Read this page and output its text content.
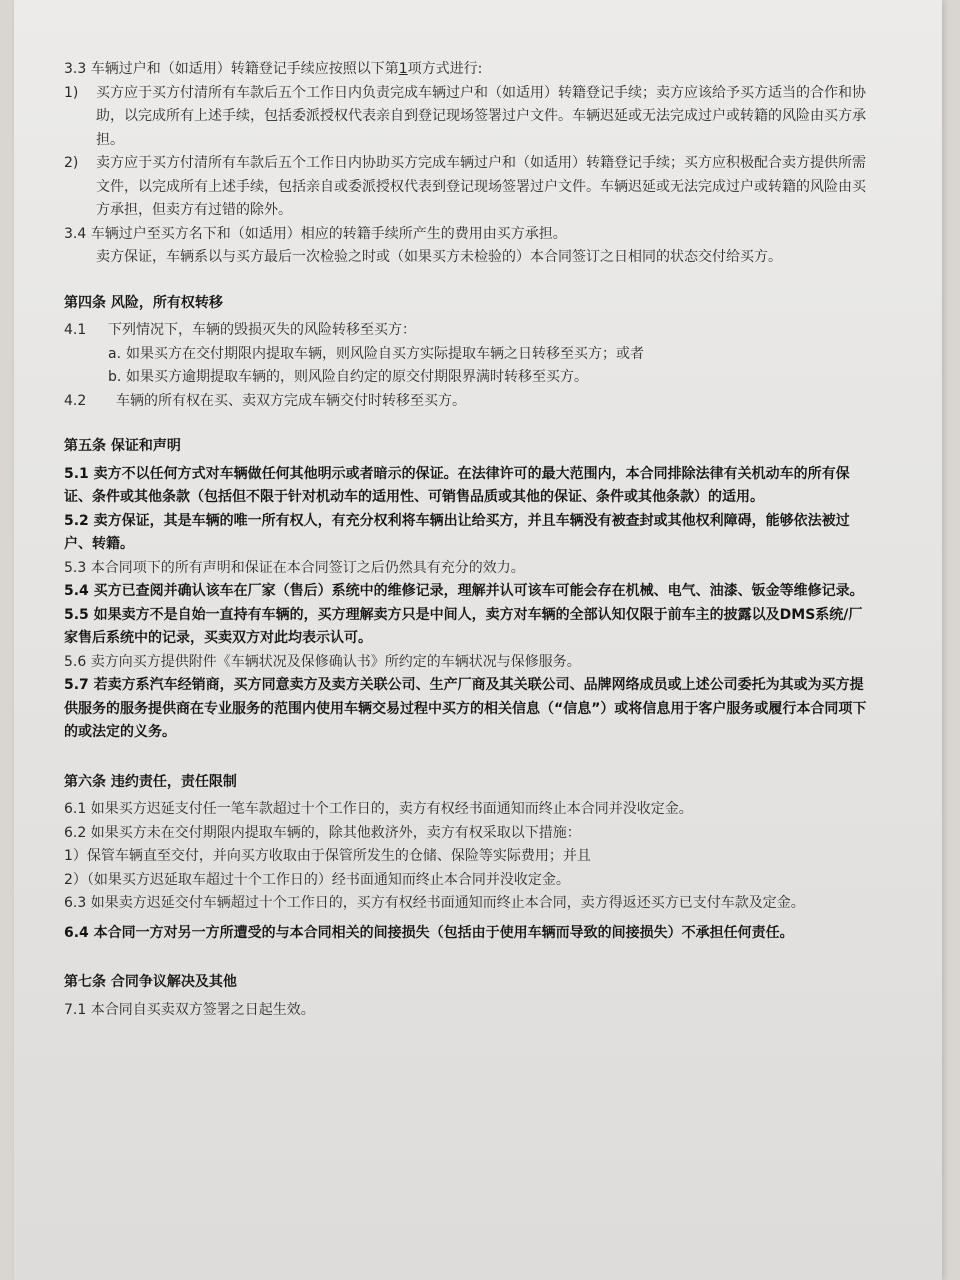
3.3 车辆过户和（如适用）转籍登记手续应按照以下第1项方式进行:

1) 买方应于买方付清所有车款后五个工作日内负责完成车辆过户和（如适用）转籍登记手续；卖方应该给予买方适当的合作和协助，以完成所有上述手续，包括委派授权代表亲自到登记现场签署过户文件。车辆迟延或无法完成过户或转籍的风险由买方承担。

2) 卖方应于买方付清所有车款后五个工作日内协助买方完成车辆过户和（如适用）转籍登记手续；买方应积极配合卖方提供所需文件，以完成所有上述手续，包括亲自或委派授权代表到登记现场签署过户文件。车辆迟延或无法完成过户或转籍的风险由买方承担，但卖方有过错的除外。

3.4 车辆过户至买方名下和（如适用）相应的转籍手续所产生的费用由买方承担。

卖方保证，车辆系以与买方最后一次检验之时或（如果买方未检验的）本合同签订之日相同的状态交付给买方。

第四条 风险，所有权转移

4.1 下列情况下，车辆的毁损灭失的风险转移至买方：

a. 如果买方在交付期限内提取车辆，则风险自买方实际提取车辆之日转移至买方；或者

b. 如果买方逾期提取车辆的，则风险自约定的原交付期限界满时转移至买方。

4.2 车辆的所有权在买、卖双方完成车辆交付时转移至买方。

第五条 保证和声明

5.1 卖方不以任何方式对车辆做任何其他明示或者暗示的保证。在法律许可的最大范围内，本合同排除法律有关机动车的所有保证、条件或其他条款（包括但不限于针对机动车的适用性、可销售品质或其他的保证、条件或其他条款）的适用。

5.2 卖方保证，其是车辆的唯一所有权人，有充分权利将车辆出让给买方，并且车辆没有被查封或其他权利障碍，能够依法被过户、转籍。

5.3 本合同项下的所有声明和保证在本合同签订之后仍然具有充分的效力。

5.4 买方已查阅并确认该车在厂家（售后）系统中的维修记录，理解并认可该车可能会存在机械、电气、油漆、钣金等维修记录。

5.5 如果卖方不是自始一直持有车辆的，买方理解卖方只是中间人，卖方对车辆的全部认知仅限于前车主的披露以及DMS系统/厂家售后系统中的记录，买卖双方对此均表示认可。

5.6 卖方向买方提供附件《车辆状况及保修确认书》所约定的车辆状况与保修服务。

5.7 若卖方系汽车经销商，买方同意卖方及卖方关联公司、生产厂商及其关联公司、品牌网络成员或上述公司委托为其或为买方提供服务的服务提供商在专业服务的范围内使用车辆交易过程中买方的相关信息（“信息”）或将信息用于客户服务或履行本合同项下的或法定的义务。

第六条 违约责任，责任限制

6.1 如果买方迟延支付任一笔车款超过十个工作日的，卖方有权经书面通知而终止本合同并没收定金。

6.2 如果买方未在交付期限内提取车辆的，除其他救济外，卖方有权采取以下措施：

1）保管车辆直至交付，并向买方收取由于保管所发生的仓储、保险等实际费用；并且

2）（如果买方迟延取车超过十个工作日的）经书面通知而终止本合同并没收定金。

6.3 如果卖方迟延交付车辆超过十个工作日的，买方有权经书面通知而终止本合同，卖方得返还买方已支付车款及定金。

6.4 本合同一方对另一方所遭受的与本合同相关的间接损失（包括由于使用车辆而导致的间接损失）不承担任何责任。

第七条 合同争议解决及其他

7.1 本合同自买卖双方签署之日起生效。
